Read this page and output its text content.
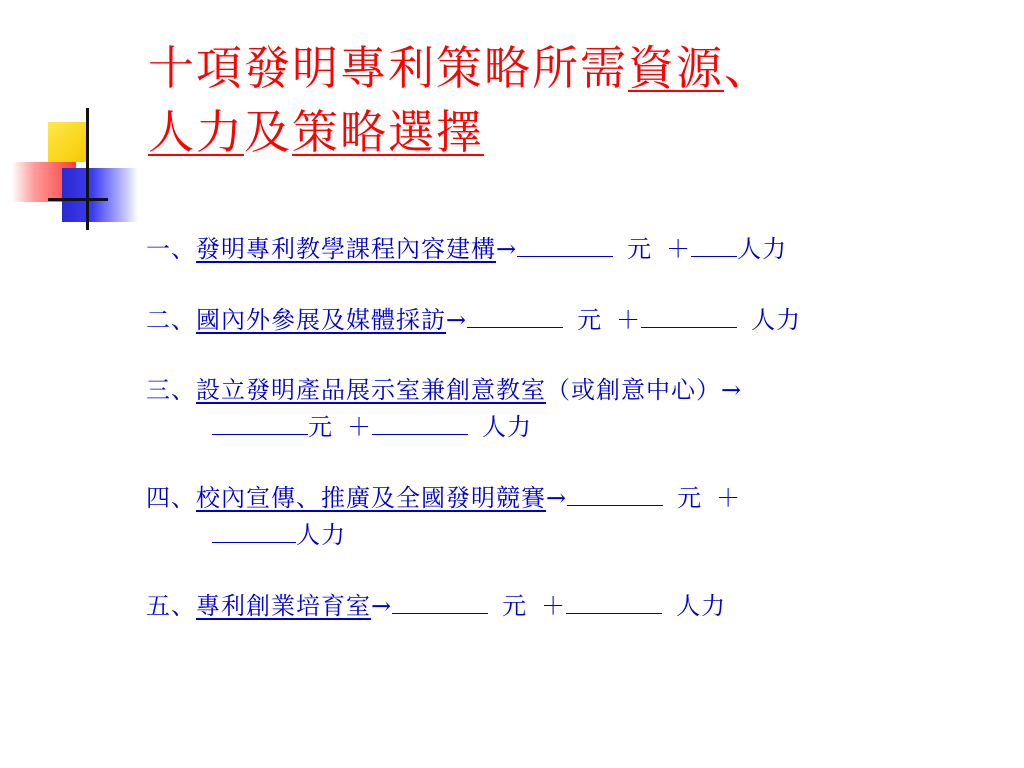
十項發明專利策略所需資源、
人力及策略選擇
一、發明專利教學課程內容建構→	元 ＋ 人力
二、國內外參展及媒體採訪→	元 ＋	人力
三、設立發明產品展示室兼創意教室（或創意中心）→
元 ＋	人力
四、校內宣傳、推廣及全國發明競賽→	元 ＋
人力
五、專利創業培育室→	元 ＋	人力
